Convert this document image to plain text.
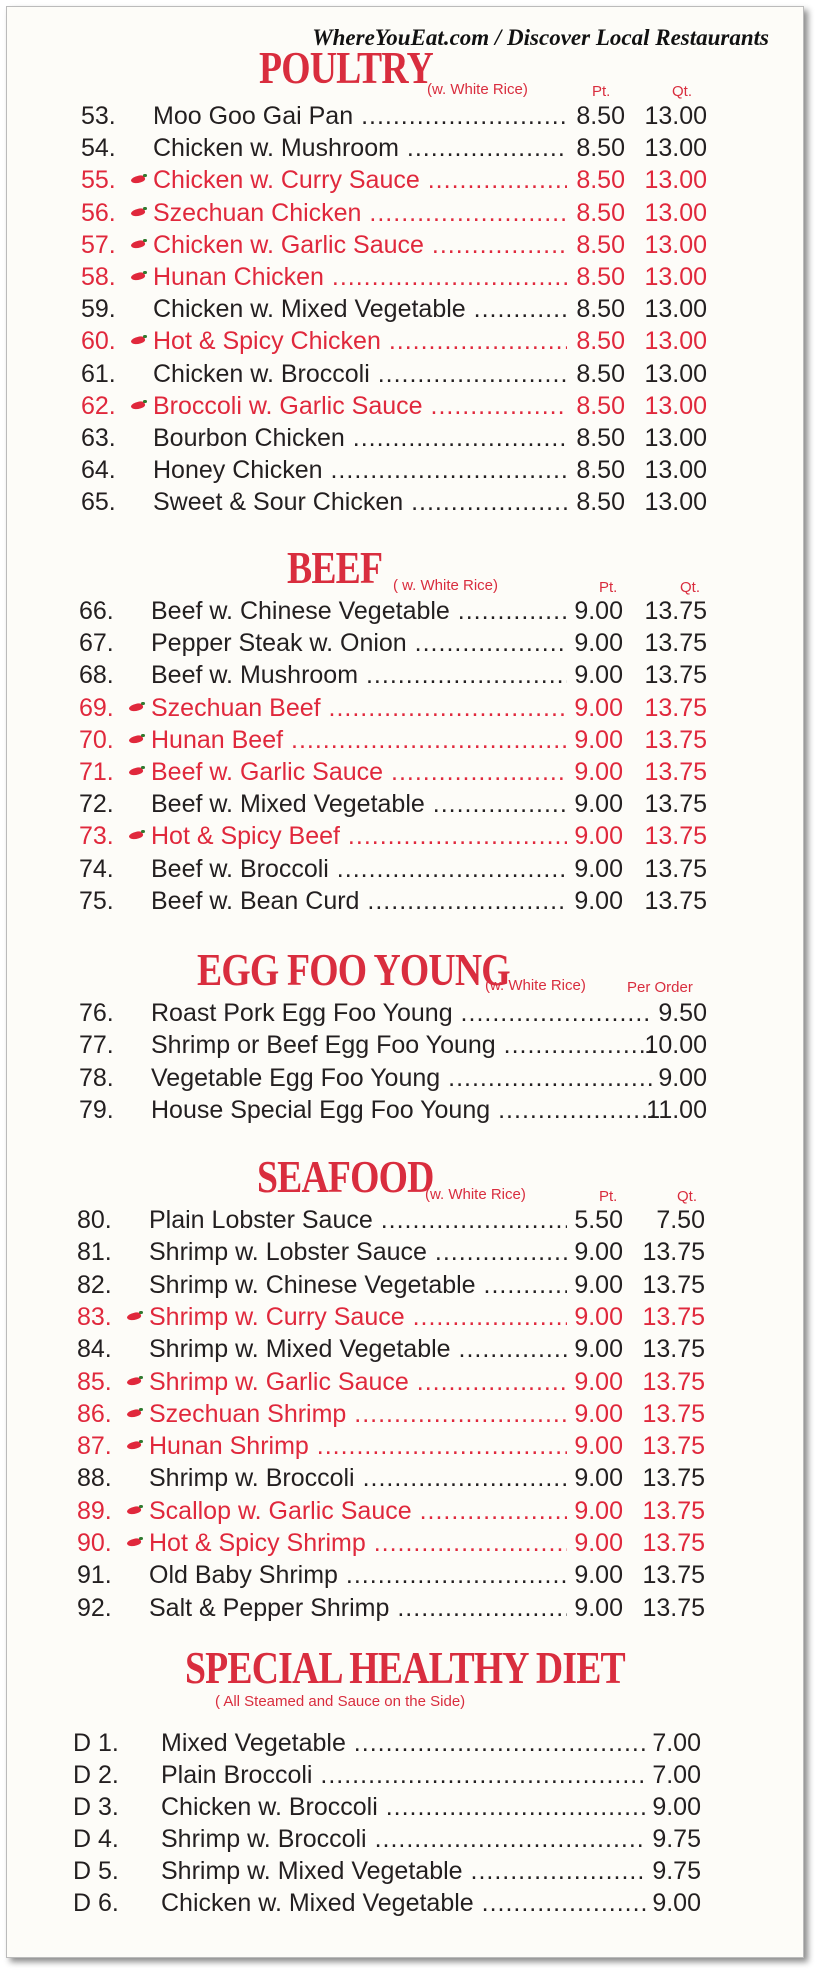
WhereYouEat.com / Discover Local Restaurants
POULTRY
(w. White Rice)	Pt.	Qt.
53. Moo Goo Gai Pan .....	8.50 13.00
54. Chicken w. Mushroom .....	8.50 13.00
55. Chicken w. Curry Sauce .....	8.50 13.00
56. Szechuan Chicken .....	8.50 13.00
57. Chicken w. Garlic Sauce .....	8.50 13.00
58. Hunan Chicken .....	8.50 13.00
59. Chicken w. Mixed Vegetable .....	8.50 13.00
60. Hot & Spicy Chicken .....	8.50 13.00
61. Chicken w. Broccoli .....	8.50 13.00
62. Broccoli w. Garlic Sauce .....	8.50 13.00
63. Bourbon Chicken .....	8.50 13.00
64. Honey Chicken .....	8.50 13.00
65. Sweet & Sour Chicken .....	8.50 13.00
BEEF ( w. White Rice)	Pt.	Qt.
66. Beef w. Chinese Vegetable .....	9.00 13.75
67. Pepper Steak w. Onion .....	9.00 13.75
68. Beef w. Mushroom .....	9.00 13.75
69. Szechuan Beef .....	9.00 13.75
70. Hunan Beef .....	9.00 13.75
71. Beef w. Garlic Sauce .....	9.00 13.75
72. Beef w. Mixed Vegetable .....	9.00 13.75
73. Hot & Spicy Beef .....	9.00 13.75
74. Beef w. Broccoli .....	9.00 13.75
75. Beef w. Bean Curd .....	9.00 13.75
EGG FOO YOUNG
(w. White Rice)	Per Order
76. Roast Pork Egg Foo Young .....	9.50
77. Shrimp or Beef Egg Foo Young .....	10.00
78. Vegetable Egg Foo Young .....	9.00
79. House Special Egg Foo Young .....	11.00
SEAFOOD
(w. White Rice)	Pt.	Qt.
80. Plain Lobster Sauce .....	5.50 7.50
81. Shrimp w. Lobster Sauce .....	9.00 13.75
82. Shrimp w. Chinese Vegetable .....	9.00 13.75
83. Shrimp w. Curry Sauce .....	9.00 13.75
84. Shrimp w. Mixed Vegetable .....	9.00 13.75
85. Shrimp w. Garlic Sauce .....	9.00 13.75
86. Szechuan Shrimp .....	9.00 13.75
87. Hunan Shrimp .....	9.00 13.75
88. Shrimp w. Broccoli .....	9.00 13.75
89. Scallop w. Garlic Sauce .....	9.00 13.75
90. Hot & Spicy Shrimp .....	9.00 13.75
91. Old Baby Shrimp .....	9.00 13.75
92. Salt & Pepper Shrimp .....	9.00 13.75
SPECIAL HEALTHY DIET
( All Steamed and Sauce on the Side)
D 1. Mixed Vegetable .....	7.00
D 2. Plain Broccoli .....	7.00
D 3. Chicken w. Broccoli .....	9.00
D 4. Shrimp w. Broccoli .....	9.75
D 5. Shrimp w. Mixed Vegetable .....	9.75
D 6. Chicken w. Mixed Vegetable .....	9.00
